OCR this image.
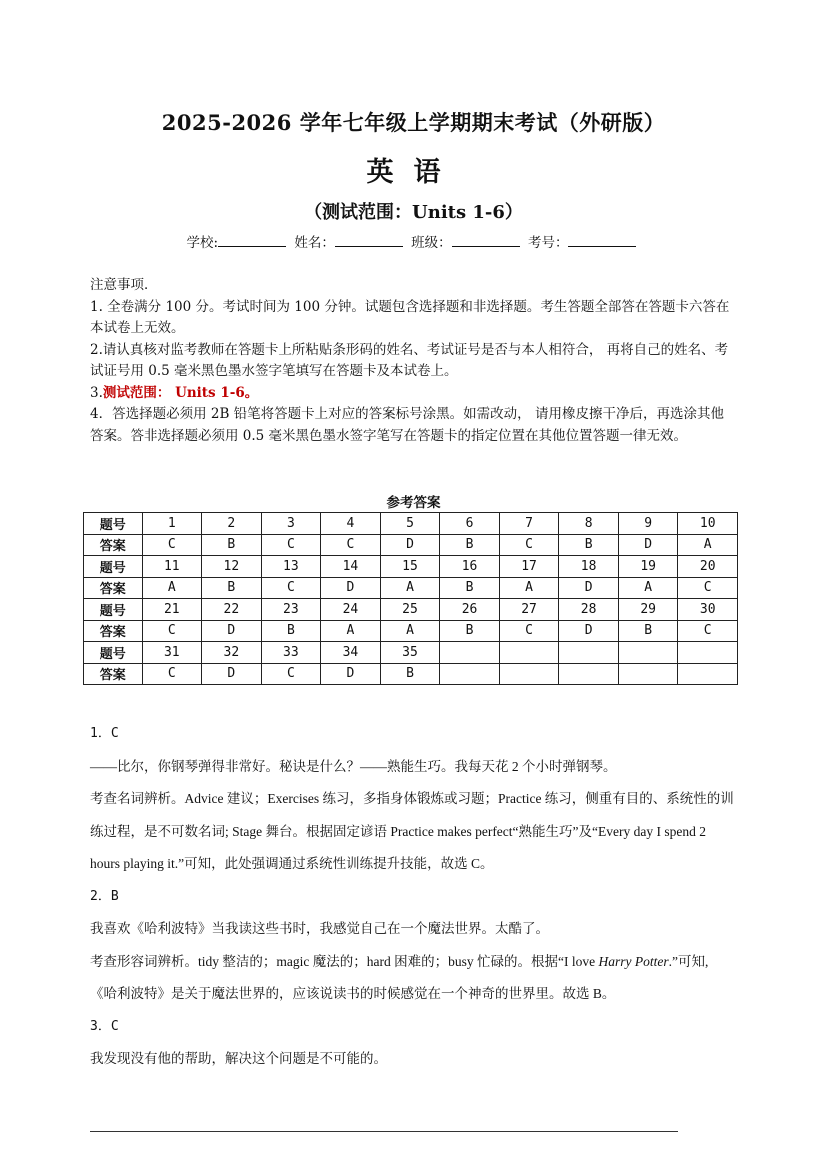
2025-2026 学年七年级上学期期末考试（外研版）
英语
（测试范围：Units 1-6）
学校:	姓名：	班级：	考号：

注意事项．

1. 全卷满分 100 分。考试时间为 100 分钟。试题包含选择题和非选择题。考生答题全部答在答题卡六答在本试卷上无效。

2.请认真核对监考教师在答题卡上所粘贴条形码的姓名、考试证号是否与本人相符合， 再将自己的姓名、考试证号用 0.5 毫米黑色墨水签字笔填写在答题卡及本试卷上。

3.测试范围： Units 1-6。

4．答选择题必须用 2B 铅笔将答题卡上对应的答案标号涂黑。如需改动， 请用橡皮擦干净后，再选涂其他答案。答非选择题必须用 0.5 毫米黑色墨水签字笔写在答题卡的指定位置在其他位置答题一律无效。

参考答案
题号	1	2	3	4	5	6	7	8	9	10
答案	C	B	C	C	D	B	C	B	D	A
题号	11	12	13	14	15	16	17	18	19	20
答案	A	B	C	D	A	B	A	D	A	C
题号	21	22	23	24	25	26	27	28	29	30
答案	C	D	B	A	A	B	C	D	B	C
题号	31	32	33	34	35					
答案	C	D	C	D	B					

1．C

——比尔，你钢琴弹得非常好。秘诀是什么？——熟能生巧。我每天花 2 个小时弹钢琴。

考查名词辨析。Advice 建议；Exercises 练习，多指身体锻炼或习题；Practice 练习，侧重有目的、系统性的训练过程，是不可数名词; Stage 舞台。根据固定谚语 Practice makes perfect“熟能生巧”及“Every day I spend 2 hours playing it.”可知，此处强调通过系统性训练提升技能，故选 C。

2．B

我喜欢《哈利波特》当我读这些书时，我感觉自己在一个魔法世界。太酷了。

考查形容词辨析。tidy 整洁的；magic 魔法的；hard 困难的；busy 忙碌的。根据“I love Harry Potter.”可知,《哈利波特》是关于魔法世界的，应该说读书的时候感觉在一个神奇的世界里。故选 B。

3．C

我发现没有他的帮助，解决这个问题是不可能的。
